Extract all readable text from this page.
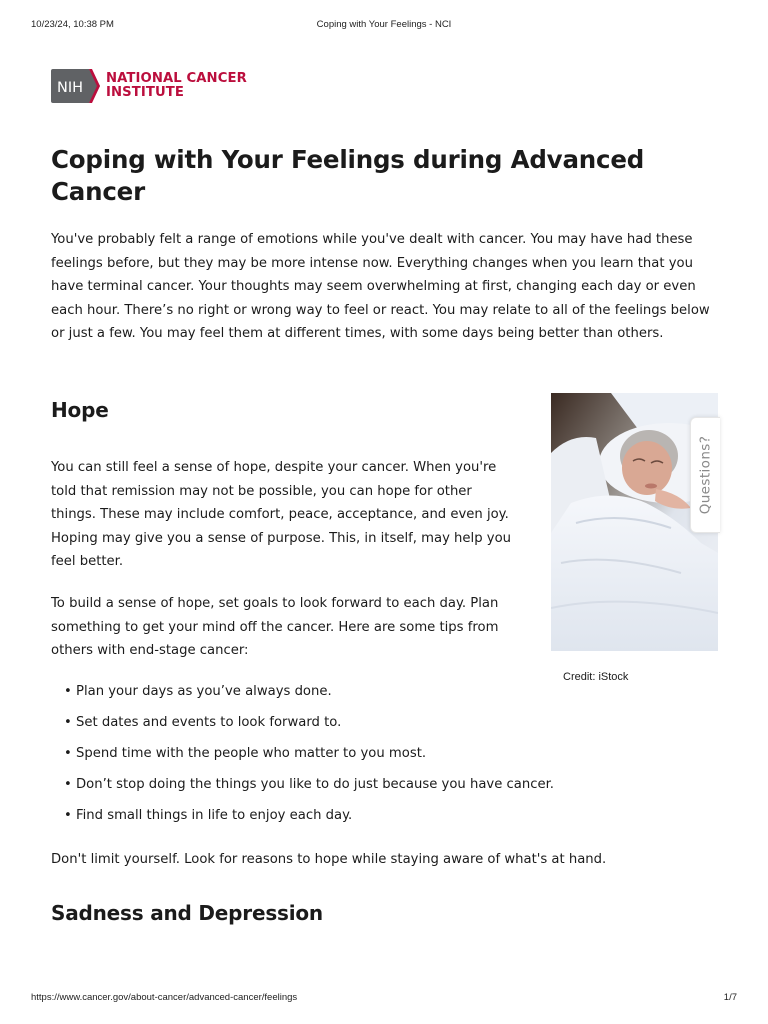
10/23/24, 10:38 PM	Coping with Your Feelings - NCI
NIH
NATIONAL CANCER
INSTITUTE
Coping with Your Feelings during Advanced Cancer

You've probably felt a range of emotions while you've dealt with cancer. You may have had these feelings before, but they may be more intense now. Everything changes when you learn that you have terminal cancer. Your thoughts may seem overwhelming at first, changing each day or even each hour. There’s no right or wrong way to feel or react. You may relate to all of the feelings below or just a few. You may feel them at different times, with some days being better than others.

Hope

You can still feel a sense of hope, despite your cancer. When you're told that remission may not be possible, you can hope for other things. These may include comfort, peace, acceptance, and even joy. Hoping may give you a sense of purpose. This, in itself, may help you feel better.

To build a sense of hope, set goals to look forward to each day. Plan something to get your mind off the cancer. Here are some tips from others with end-stage cancer:

Credit: iStock
Questions?
• Plan your days as you’ve always done.
• Set dates and events to look forward to.
• Spend time with the people who matter to you most.
• Don’t stop doing the things you like to do just because you have cancer.
• Find small things in life to enjoy each day.

Don't limit yourself. Look for reasons to hope while staying aware of what's at hand.

Sadness and Depression
https://www.cancer.gov/about-cancer/advanced-cancer/feelings	1/7
